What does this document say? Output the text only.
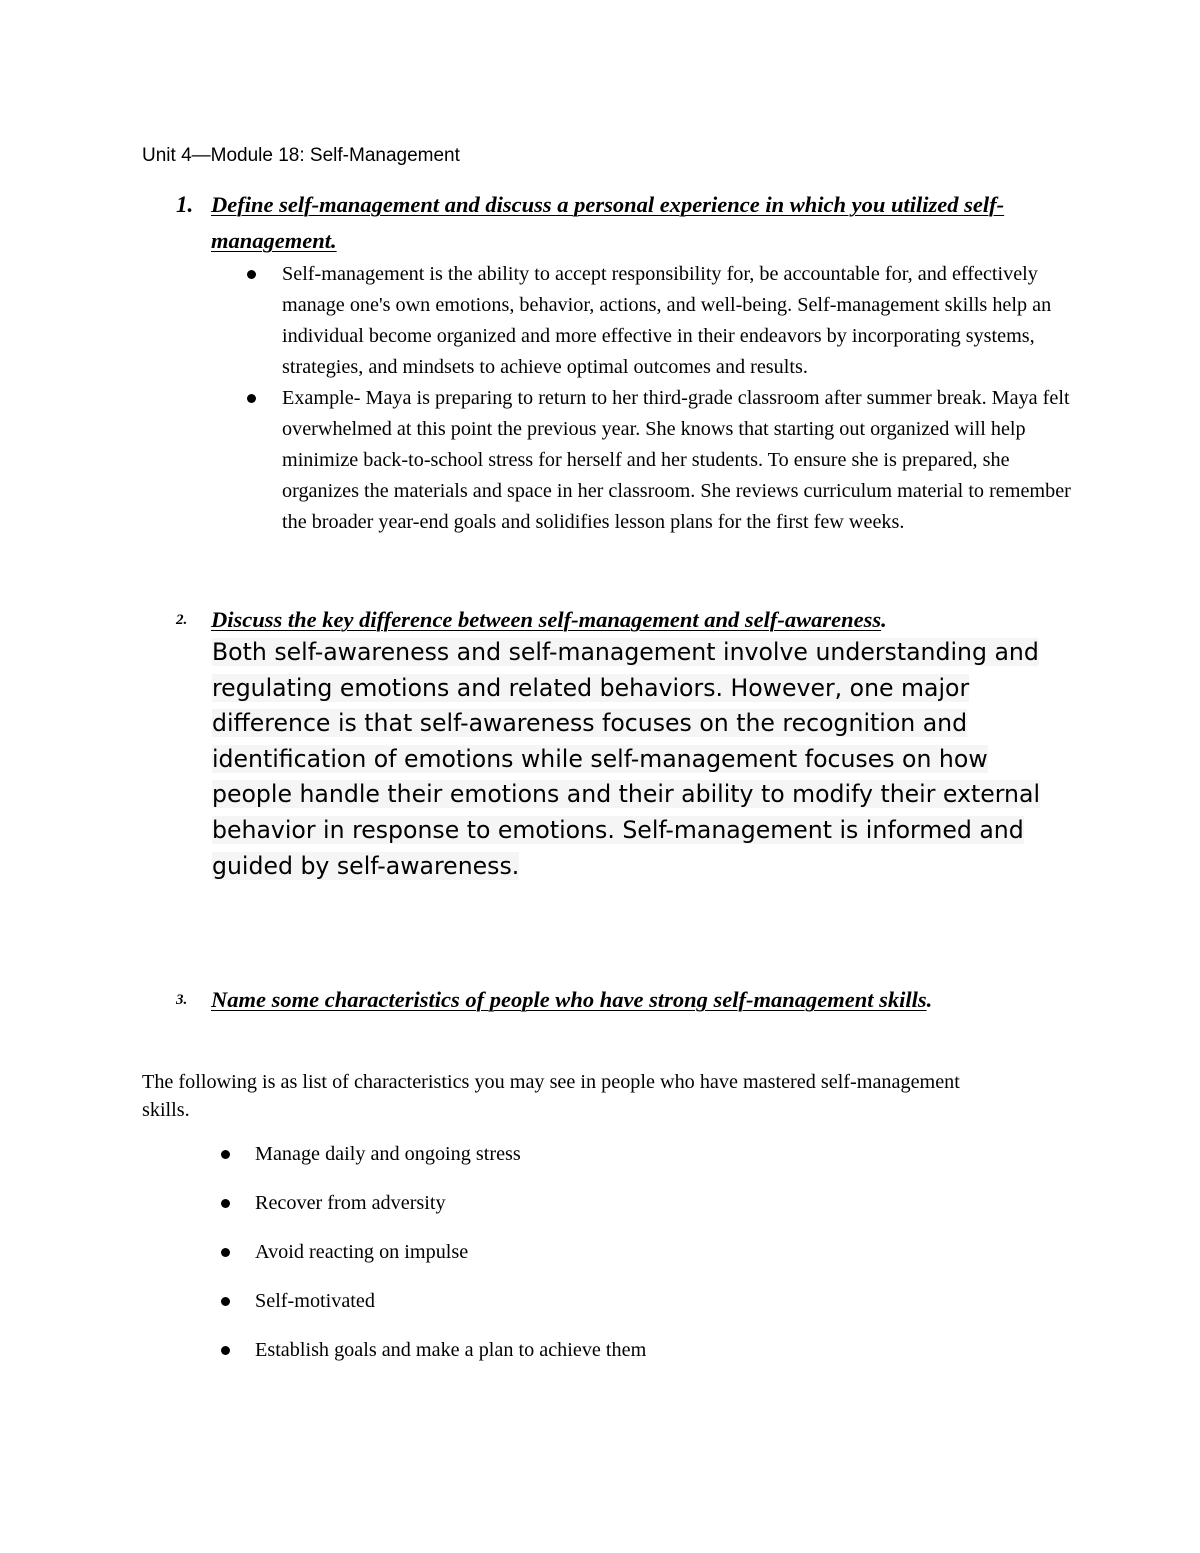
Unit 4—Module 18: Self-Management
1. Define self-management and discuss a personal experience in which you utilized self-management.
Self-management is the ability to accept responsibility for, be accountable for, and effectively manage one's own emotions, behavior, actions, and well-being. Self-management skills help an individual become organized and more effective in their endeavors by incorporating systems, strategies, and mindsets to achieve optimal outcomes and results.
Example- Maya is preparing to return to her third-grade classroom after summer break. Maya felt overwhelmed at this point the previous year. She knows that starting out organized will help minimize back-to-school stress for herself and her students. To ensure she is prepared, she organizes the materials and space in her classroom. She reviews curriculum material to remember the broader year-end goals and solidifies lesson plans for the first few weeks.
2. Discuss the key difference between self-management and self-awareness.
Both self-awareness and self-management involve understanding and regulating emotions and related behaviors. However, one major difference is that self-awareness focuses on the recognition and identification of emotions while self-management focuses on how people handle their emotions and their ability to modify their external behavior in response to emotions. Self-management is informed and guided by self-awareness.
3. Name some characteristics of people who have strong self-management skills.
The following is as list of characteristics you may see in people who have mastered self-management skills.
Manage daily and ongoing stress
Recover from adversity
Avoid reacting on impulse
Self-motivated
Establish goals and make a plan to achieve them
